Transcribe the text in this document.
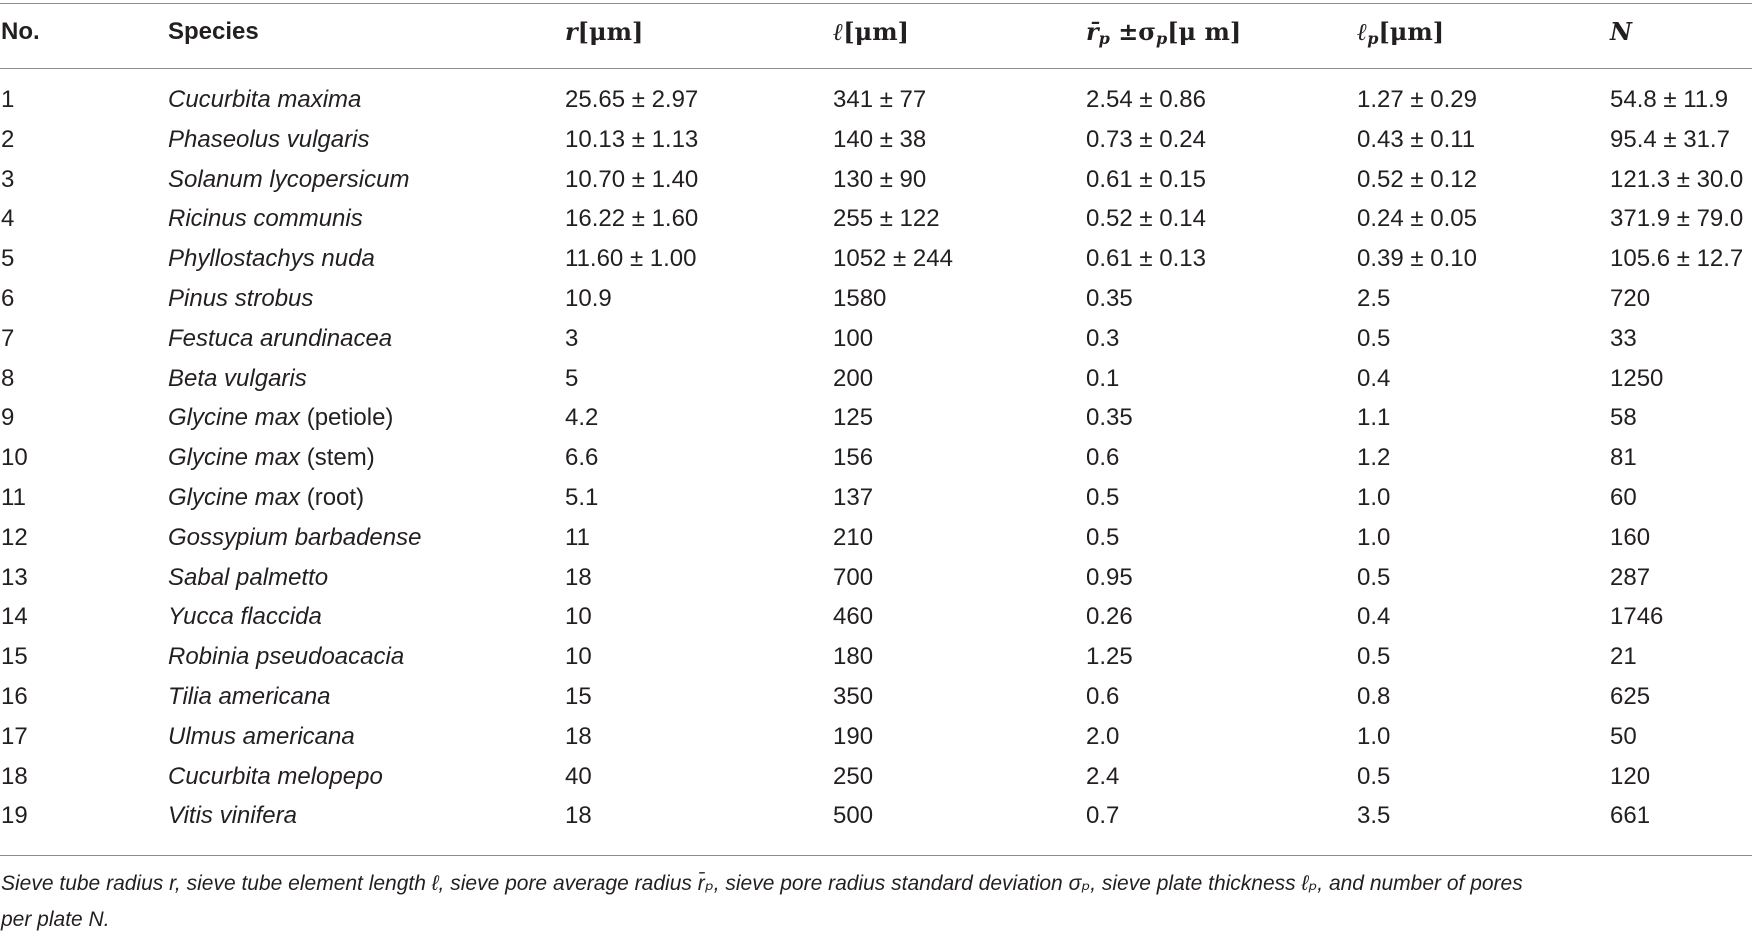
No.	Species	r[μm]	ℓ[μm]	$r̄_p \pm\sigma_p[\mu$ m]	ℓ$_p$[μm]	N
1	Cucurbita maxima	25.65 ± 2.97	341 ± 77	2.54 ± 0.86	1.27 ± 0.29	54.8 ± 11.9
2	Phaseolus vulgaris	10.13 ± 1.13	140 ± 38	0.73 ± 0.24	0.43 ± 0.11	95.4 ± 31.7
3	Solanum lycopersicum	10.70 ± 1.40	130 ± 90	0.61 ± 0.15	0.52 ± 0.12	121.3 ± 30.0
4	Ricinus communis	16.22 ± 1.60	255 ± 122	0.52 ± 0.14	0.24 ± 0.05	371.9 ± 79.0
5	Phyllostachys nuda	11.60 ± 1.00	1052 ± 244	0.61 ± 0.13	0.39 ± 0.10	105.6 ± 12.7
6	Pinus strobus	10.9	1580	0.35	2.5	720
7	Festuca arundinacea	3	100	0.3	0.5	33
8	Beta vulgaris	5	200	0.1	0.4	1250
9	Glycine max (petiole)	4.2	125	0.35	1.1	58
10	Glycine max (stem)	6.6	156	0.6	1.2	81
11	Glycine max (root)	5.1	137	0.5	1.0	60
12	Gossypium barbadense	11	210	0.5	1.0	160
13	Sabal palmetto	18	700	0.95	0.5	287
14	Yucca flaccida	10	460	0.26	0.4	1746
15	Robinia pseudoacacia	10	180	1.25	0.5	21
16	Tilia americana	15	350	0.6	0.8	625
17	Ulmus americana	18	190	2.0	1.0	50
18	Cucurbita melopepo	40	250	2.4	0.5	120
19	Vitis vinifera	18	500	0.7	3.5	661
Sieve tube radius r, sieve tube element length ℓ, sieve pore average radius r̄ₚ, sieve pore radius standard deviation σₚ, sieve plate thickness ℓₚ, and number of pores
per plate N.
